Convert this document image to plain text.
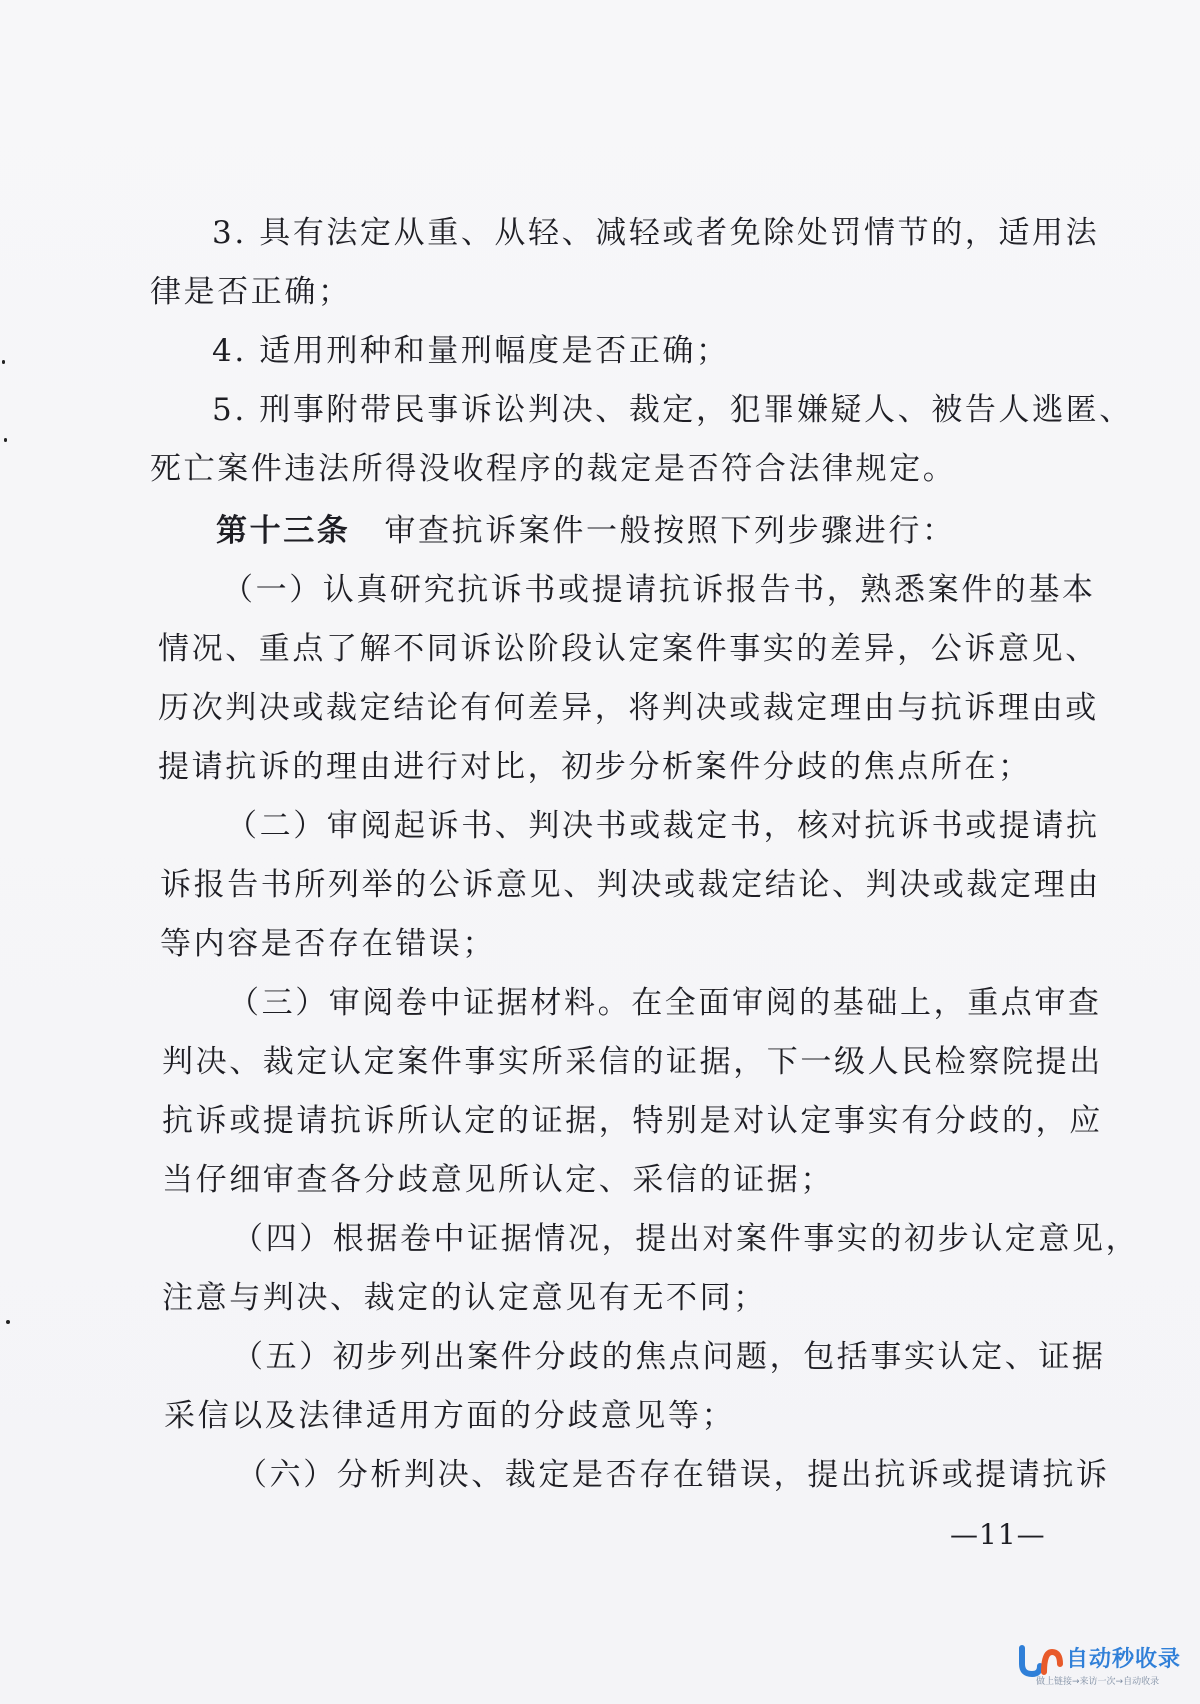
3. 具有法定从重、从轻、减轻或者免除处罚情节的，适用法
律是否正确；
4. 适用刑种和量刑幅度是否正确；
5. 刑事附带民事诉讼判决、裁定，犯罪嫌疑人、被告人逃匿、
死亡案件违法所得没收程序的裁定是否符合法律规定。
第十三条 审查抗诉案件一般按照下列步骤进行：
（一）认真研究抗诉书或提请抗诉报告书，熟悉案件的基本
情况、重点了解不同诉讼阶段认定案件事实的差异，公诉意见、
历次判决或裁定结论有何差异，将判决或裁定理由与抗诉理由或
提请抗诉的理由进行对比，初步分析案件分歧的焦点所在；
（二）审阅起诉书、判决书或裁定书，核对抗诉书或提请抗
诉报告书所列举的公诉意见、判决或裁定结论、判决或裁定理由
等内容是否存在错误；
（三）审阅卷中证据材料。在全面审阅的基础上，重点审查
判决、裁定认定案件事实所采信的证据，下一级人民检察院提出
抗诉或提请抗诉所认定的证据，特别是对认定事实有分歧的，应
当仔细审查各分歧意见所认定、采信的证据；
（四）根据卷中证据情况，提出对案件事实的初步认定意见，
注意与判决、裁定的认定意见有无不同；
（五）初步列出案件分歧的焦点问题，包括事实认定、证据
采信以及法律适用方面的分歧意见等；
（六）分析判决、裁定是否存在错误，提出抗诉或提请抗诉
—11—
自动秒收录
做上链接→来访一次→自动收录
